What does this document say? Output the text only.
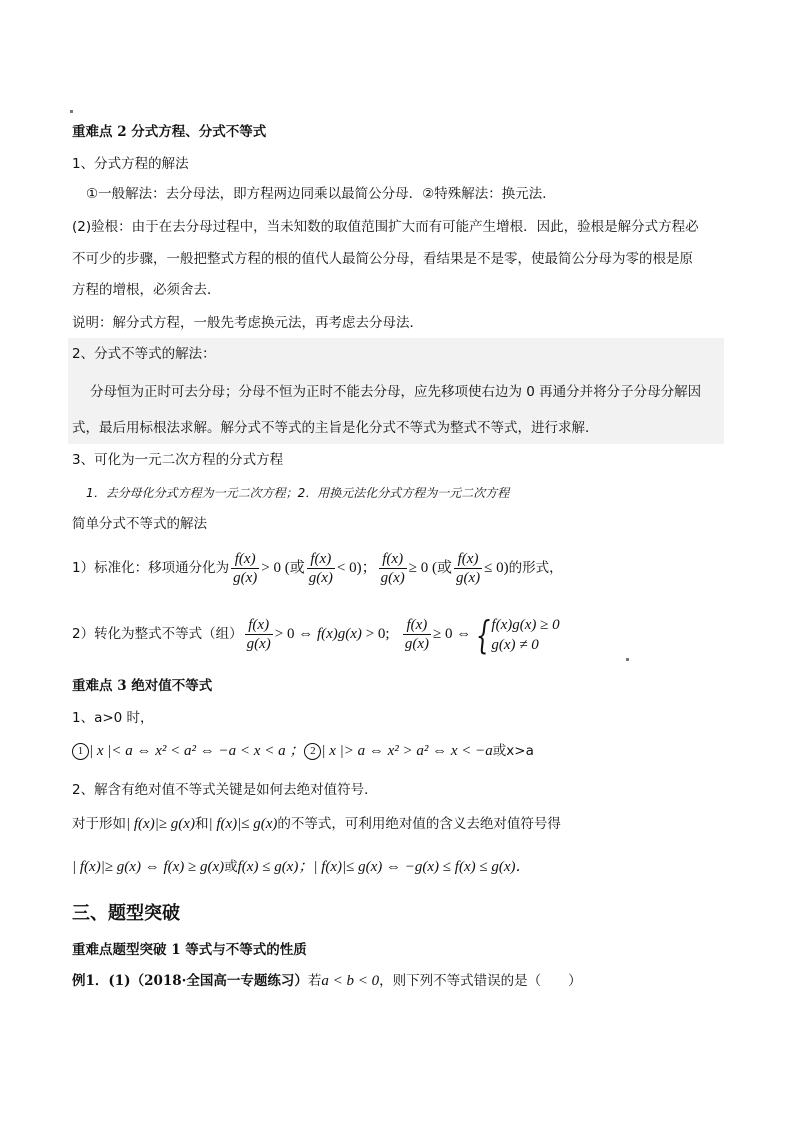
重难点 2 分式方程、分式不等式
1、分式方程的解法
①一般解法：去分母法，即方程两边同乘以最简公分母．②特殊解法：换元法．
(2)验根：由于在去分母过程中，当未知数的取值范围扩大而有可能产生增根．因此，验根是解分式方程必
不可少的步骤，一般把整式方程的根的值代人最简公分母，看结果是不是零，使最简公分母为零的根是原
方程的增根，必须舍去．
说明：解分式方程，一般先考虑换元法，再考虑去分母法．
2、分式不等式的解法：
分母恒为正时可去分母；分母不恒为正时不能去分母，应先移项使右边为 0 再通分并将分子分母分解因
式，最后用标根法求解。解分式不等式的主旨是化分式不等式为整式不等式，进行求解．
3、可化为一元二次方程的分式方程
1．去分母化分式方程为一元二次方程；2．用换元法化分式方程为一元二次方程
简单分式不等式的解法
1）标准化：移项通分化为 $\frac{f(x)}{g(x)} > 0$ (或 $\frac{f(x)}{g(x)} < 0$)； $\frac{f(x)}{g(x)} \ge 0$ (或 $\frac{f(x)}{g(x)} \le 0$)的形式，
2）转化为整式不等式（组） $\frac{f(x)}{g(x)} > 0$ ⇔ f(x)g(x) > 0; $\frac{f(x)}{g(x)} \ge 0$ ⇔ { f(x)g(x) ≥ 0
g(x) ≠ 0
重难点 3 绝对值不等式
1、a>0 时，
1 | x |< a ⇔ x² < a² ⇔ −a < x < a ； 2 | x |> a ⇔ x² > a² ⇔ x < −a或x>a
2、解含有绝对值不等式关键是如何去绝对值符号．
对于形如| f(x)|≥ g(x)和| f(x)|≤ g(x)的不等式，可利用绝对值的含义去绝对值符号得
| f(x)|≥ g(x) ⇔ f(x) ≥ g(x)或f(x) ≤ g(x)；| f(x)|≤ g(x) ⇔ −g(x) ≤ f(x) ≤ g(x)．
三、题型突破
重难点题型突破 1 等式与不等式的性质
例1．(1)（2018·全国高一专题练习）若a < b < 0，则下列不等式错误的是（　　）
